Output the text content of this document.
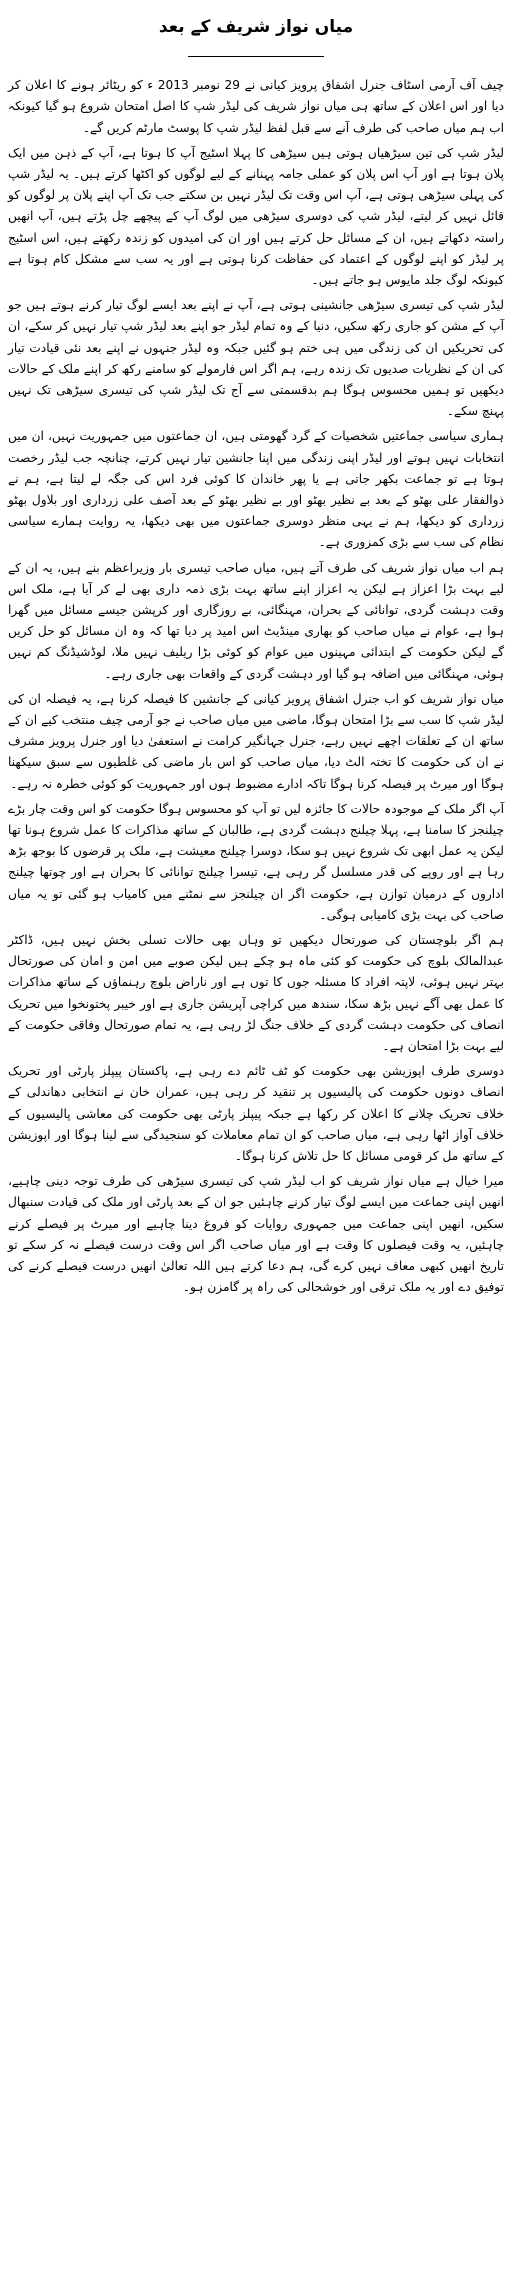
میاں نواز شریف کے بعد

چیف آف آرمی اسٹاف جنرل اشفاق پرویز کیانی نے 29 نومبر 2013 ء کو ریٹائر ہونے کا اعلان کر دیا اور اس اعلان کے ساتھ ہی میاں نواز شریف کی لیڈر شپ کا اصل امتحان شروع ہو گیا کیونکہ اب ہم میاں صاحب کی طرف آنے سے قبل لفظ لیڈر شپ کا پوسٹ مارٹم کریں گے۔

لیڈر شپ کی تین سیڑھیاں ہوتی ہیں سیڑھی کا پہلا اسٹیج آپ کا ہوتا ہے، آپ کے ذہن میں ایک پلان ہوتا ہے اور آپ اس پلان کو عملی جامہ پہنانے کے لیے لوگوں کو اکٹھا کرتے ہیں۔ یہ لیڈر شپ کی پہلی سیڑھی ہوتی ہے، آپ اس وقت تک لیڈر نہیں بن سکتے جب تک آپ اپنے پلان پر لوگوں کو قائل نہیں کر لیتے، لیڈر شپ کی دوسری سیڑھی میں لوگ آپ کے پیچھے چل پڑتے ہیں، آپ انھیں راستہ دکھاتے ہیں، ان کے مسائل حل کرتے ہیں اور ان کی امیدوں کو زندہ رکھتے ہیں، اس اسٹیج پر لیڈر کو اپنے لوگوں کے اعتماد کی حفاظت کرنا ہوتی ہے اور یہ سب سے مشکل کام ہوتا ہے کیونکہ لوگ جلد مایوس ہو جاتے ہیں۔

لیڈر شپ کی تیسری سیڑھی جانشینی ہوتی ہے، آپ نے اپنے بعد ایسے لوگ تیار کرنے ہوتے ہیں جو آپ کے مشن کو جاری رکھ سکیں، دنیا کے وہ تمام لیڈر جو اپنے بعد لیڈر شپ تیار نہیں کر سکے، ان کی تحریکیں ان کی زندگی میں ہی ختم ہو گئیں جبکہ وہ لیڈر جنہوں نے اپنے بعد نئی قیادت تیار کی ان کے نظریات صدیوں تک زندہ رہے، ہم اگر اس فارمولے کو سامنے رکھ کر اپنے ملک کے حالات دیکھیں تو ہمیں محسوس ہوگا ہم بدقسمتی سے آج تک لیڈر شپ کی تیسری سیڑھی تک نہیں پہنچ سکے۔

ہماری سیاسی جماعتیں شخصیات کے گرد گھومتی ہیں، ان جماعتوں میں جمہوریت نہیں، ان میں انتخابات نہیں ہوتے اور لیڈر اپنی زندگی میں اپنا جانشین تیار نہیں کرتے، چنانچہ جب لیڈر رخصت ہوتا ہے تو جماعت بکھر جاتی ہے یا پھر خاندان کا کوئی فرد اس کی جگہ لے لیتا ہے، ہم نے ذوالفقار علی بھٹو کے بعد بے نظیر بھٹو اور بے نظیر بھٹو کے بعد آصف علی زرداری اور بلاول بھٹو زرداری کو دیکھا، ہم نے یہی منظر دوسری جماعتوں میں بھی دیکھا، یہ روایت ہمارے سیاسی نظام کی سب سے بڑی کمزوری ہے۔

ہم اب میاں نواز شریف کی طرف آتے ہیں، میاں صاحب تیسری بار وزیراعظم بنے ہیں، یہ ان کے لیے بہت بڑا اعزاز ہے لیکن یہ اعزاز اپنے ساتھ بہت بڑی ذمہ داری بھی لے کر آیا ہے، ملک اس وقت دہشت گردی، توانائی کے بحران، مہنگائی، بے روزگاری اور کرپشن جیسے مسائل میں گھرا ہوا ہے، عوام نے میاں صاحب کو بھاری مینڈیٹ اس امید پر دیا تھا کہ وہ ان مسائل کو حل کریں گے لیکن حکومت کے ابتدائی مہینوں میں عوام کو کوئی بڑا ریلیف نہیں ملا، لوڈشیڈنگ کم نہیں ہوئی، مہنگائی میں اضافہ ہو گیا اور دہشت گردی کے واقعات بھی جاری رہے۔

میاں نواز شریف کو اب جنرل اشفاق پرویز کیانی کے جانشین کا فیصلہ کرنا ہے، یہ فیصلہ ان کی لیڈر شپ کا سب سے بڑا امتحان ہوگا، ماضی میں میاں صاحب نے جو آرمی چیف منتخب کیے ان کے ساتھ ان کے تعلقات اچھے نہیں رہے، جنرل جہانگیر کرامت نے استعفیٰ دیا اور جنرل پرویز مشرف نے ان کی حکومت کا تختہ الٹ دیا، میاں صاحب کو اس بار ماضی کی غلطیوں سے سبق سیکھنا ہوگا اور میرٹ پر فیصلہ کرنا ہوگا تاکہ ادارے مضبوط ہوں اور جمہوریت کو کوئی خطرہ نہ رہے۔

آپ اگر ملک کے موجودہ حالات کا جائزہ لیں تو آپ کو محسوس ہوگا حکومت کو اس وقت چار بڑے چیلنجز کا سامنا ہے، پہلا چیلنج دہشت گردی ہے، طالبان کے ساتھ مذاکرات کا عمل شروع ہونا تھا لیکن یہ عمل ابھی تک شروع نہیں ہو سکا، دوسرا چیلنج معیشت ہے، ملک پر قرضوں کا بوجھ بڑھ رہا ہے اور روپے کی قدر مسلسل گر رہی ہے، تیسرا چیلنج توانائی کا بحران ہے اور چوتھا چیلنج اداروں کے درمیان توازن ہے، حکومت اگر ان چیلنجز سے نمٹنے میں کامیاب ہو گئی تو یہ میاں صاحب کی بہت بڑی کامیابی ہوگی۔

ہم اگر بلوچستان کی صورتحال دیکھیں تو وہاں بھی حالات تسلی بخش نہیں ہیں، ڈاکٹر عبدالمالک بلوچ کی حکومت کو کئی ماہ ہو چکے ہیں لیکن صوبے میں امن و امان کی صورتحال بہتر نہیں ہوئی، لاپتہ افراد کا مسئلہ جوں کا توں ہے اور ناراض بلوچ رہنماؤں کے ساتھ مذاکرات کا عمل بھی آگے نہیں بڑھ سکا، سندھ میں کراچی آپریشن جاری ہے اور خیبر پختونخوا میں تحریک انصاف کی حکومت دہشت گردی کے خلاف جنگ لڑ رہی ہے، یہ تمام صورتحال وفاقی حکومت کے لیے بہت بڑا امتحان ہے۔

دوسری طرف اپوزیشن بھی حکومت کو ٹف ٹائم دے رہی ہے، پاکستان پیپلز پارٹی اور تحریک انصاف دونوں حکومت کی پالیسیوں پر تنقید کر رہی ہیں، عمران خان نے انتخابی دھاندلی کے خلاف تحریک چلانے کا اعلان کر رکھا ہے جبکہ پیپلز پارٹی بھی حکومت کی معاشی پالیسیوں کے خلاف آواز اٹھا رہی ہے، میاں صاحب کو ان تمام معاملات کو سنجیدگی سے لینا ہوگا اور اپوزیشن کے ساتھ مل کر قومی مسائل کا حل تلاش کرنا ہوگا۔

میرا خیال ہے میاں نواز شریف کو اب لیڈر شپ کی تیسری سیڑھی کی طرف توجہ دینی چاہیے، انھیں اپنی جماعت میں ایسے لوگ تیار کرنے چاہئیں جو ان کے بعد پارٹی اور ملک کی قیادت سنبھال سکیں، انھیں اپنی جماعت میں جمہوری روایات کو فروغ دینا چاہیے اور میرٹ پر فیصلے کرنے چاہئیں، یہ وقت فیصلوں کا وقت ہے اور میاں صاحب اگر اس وقت درست فیصلے نہ کر سکے تو تاریخ انھیں کبھی معاف نہیں کرے گی، ہم دعا کرتے ہیں اللہ تعالیٰ انھیں درست فیصلے کرنے کی توفیق دے اور یہ ملک ترقی اور خوشحالی کی راہ پر گامزن ہو۔
